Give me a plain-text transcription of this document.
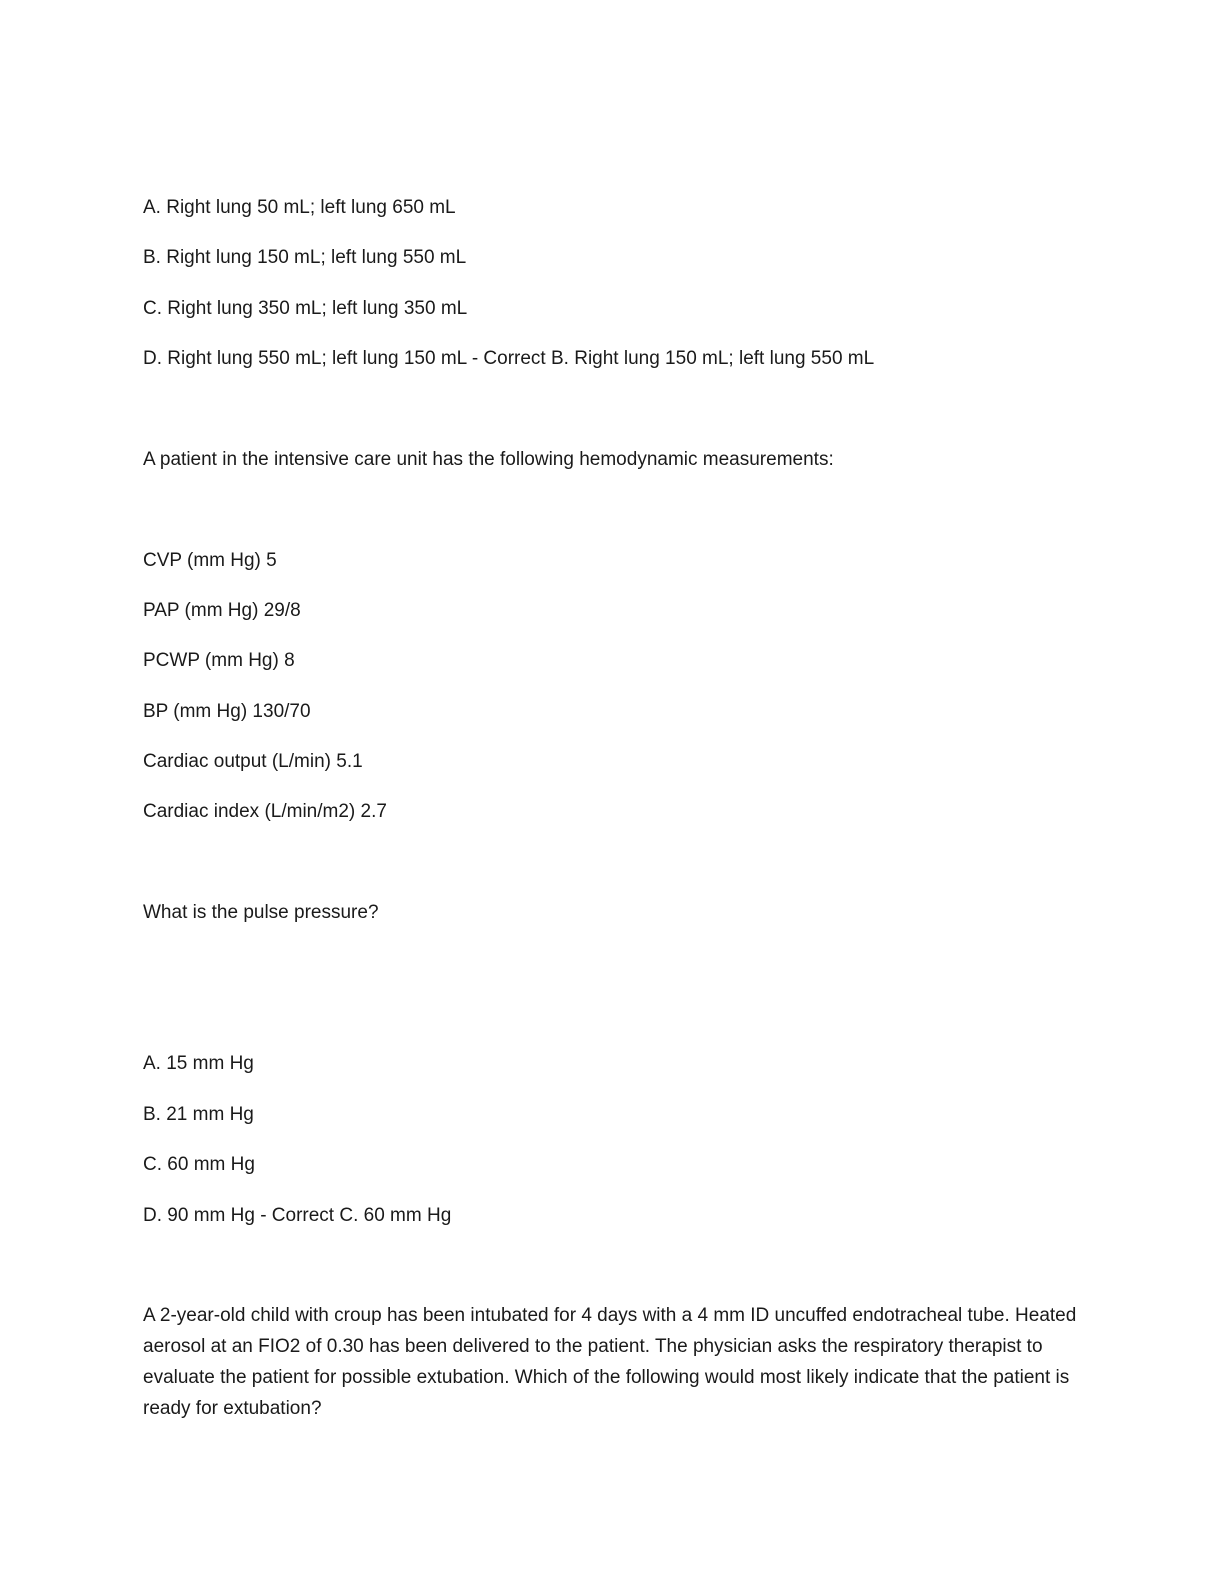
A. Right lung 50 mL; left lung 650 mL

B. Right lung 150 mL; left lung 550 mL

C. Right lung 350 mL; left lung 350 mL

D. Right lung 550 mL; left lung 150 mL - Correct B. Right lung 150 mL; left lung 550 mL

A patient in the intensive care unit has the following hemodynamic measurements:

CVP (mm Hg) 5

PAP (mm Hg) 29/8

PCWP (mm Hg) 8

BP (mm Hg) 130/70

Cardiac output (L/min) 5.1

Cardiac index (L/min/m2) 2.7

What is the pulse pressure?

A. 15 mm Hg

B. 21 mm Hg

C. 60 mm Hg

D. 90 mm Hg - Correct C. 60 mm Hg

A 2-year-old child with croup has been intubated for 4 days with a 4 mm ID uncuffed endotracheal tube. Heated aerosol at an FIO2 of 0.30 has been delivered to the patient. The physician asks the respiratory therapist to evaluate the patient for possible extubation. Which of the following would most likely indicate that the patient is ready for extubation?
